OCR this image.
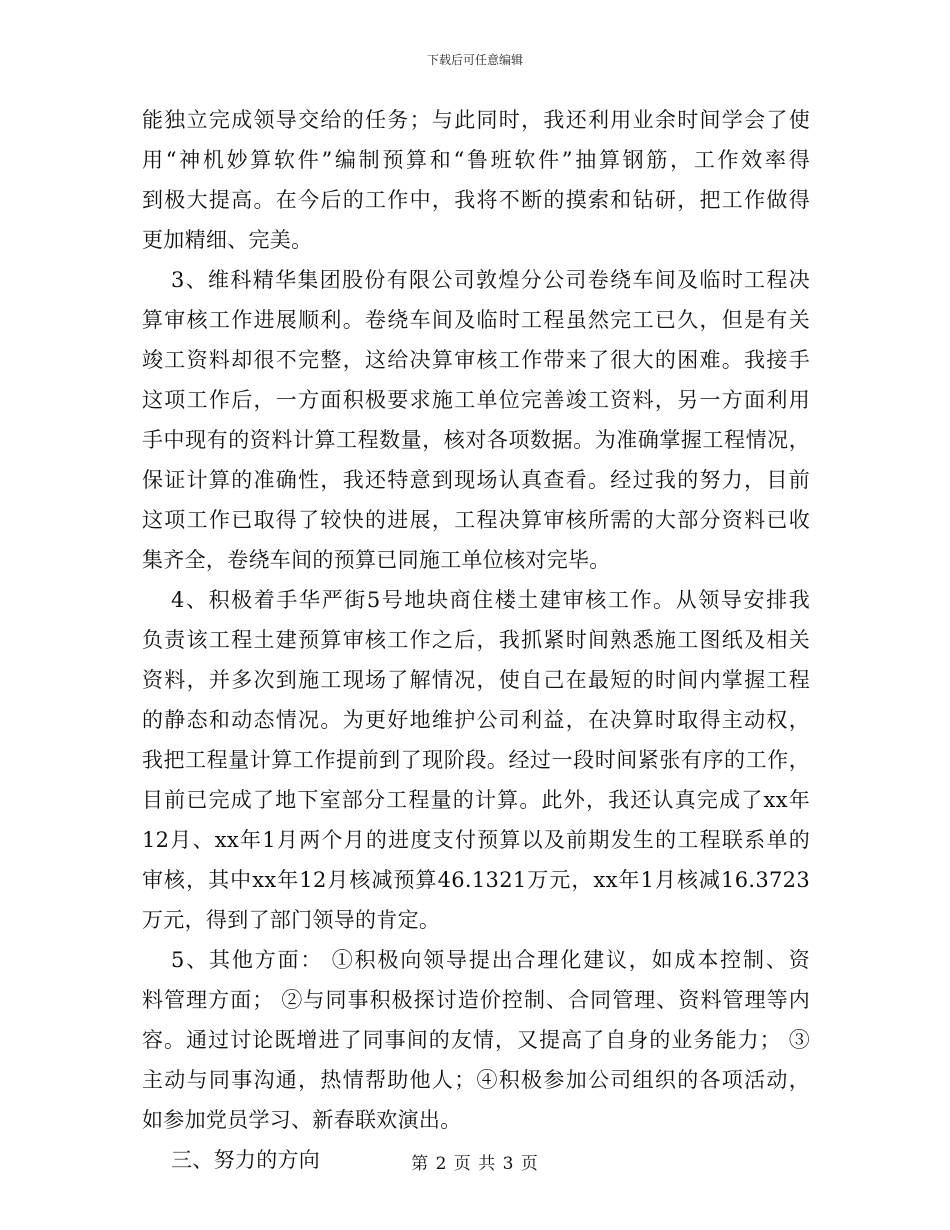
下载后可任意编辑
能独立完成领导交给的任务；与此同时，我还利用业余时间学会了使
用“神机妙算软件”编制预算和“鲁班软件”抽算钢筋，工作效率得
到极大提高。在今后的工作中，我将不断的摸索和钻研，把工作做得
更加精细、完美。
3、维科精华集团股份有限公司敦煌分公司卷绕车间及临时工程决
算审核工作进展顺利。卷绕车间及临时工程虽然完工已久，但是有关
竣工资料却很不完整，这给决算审核工作带来了很大的困难。我接手
这项工作后，一方面积极要求施工单位完善竣工资料，另一方面利用
手中现有的资料计算工程数量，核对各项数据。为准确掌握工程情况，
保证计算的准确性，我还特意到现场认真查看。经过我的努力，目前
这项工作已取得了较快的进展，工程决算审核所需的大部分资料已收
集齐全，卷绕车间的预算已同施工单位核对完毕。
4、积极着手华严街5号地块商住楼土建审核工作。从领导安排我
负责该工程土建预算审核工作之后，我抓紧时间熟悉施工图纸及相关
资料，并多次到施工现场了解情况，使自己在最短的时间内掌握工程
的静态和动态情况。为更好地维护公司利益，在决算时取得主动权，
我把工程量计算工作提前到了现阶段。经过一段时间紧张有序的工作，
目前已完成了地下室部分工程量的计算。此外，我还认真完成了xx年
12月、xx年1月两个月的进度支付预算以及前期发生的工程联系单的
审核，其中xx年12月核减预算46.1321万元，xx年1月核减16.3723
万元，得到了部门领导的肯定。
5、其他方面： ①积极向领导提出合理化建议，如成本控制、资
料管理方面； ②与同事积极探讨造价控制、合同管理、资料管理等内
容。通过讨论既增进了同事间的友情，又提高了自身的业务能力； ③
主动与同事沟通，热情帮助他人；④积极参加公司组织的各项活动，
如参加党员学习、新春联欢演出。
三、努力的方向	第 2 页 共 3 页
